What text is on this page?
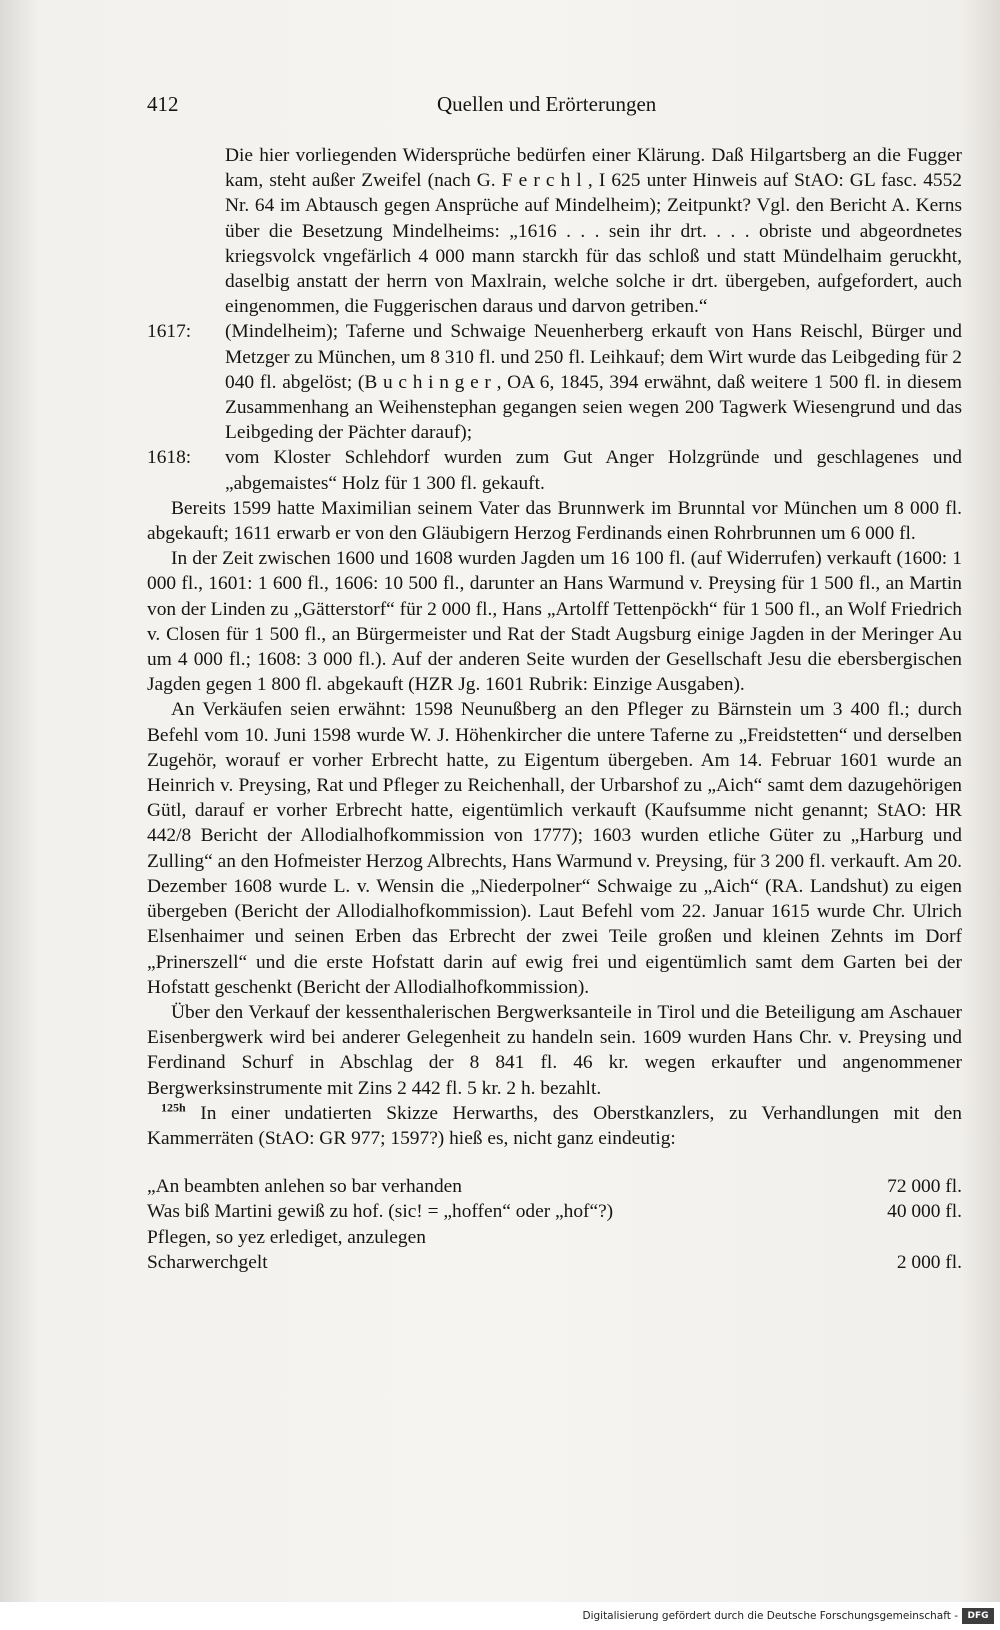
412	Quellen und Erörterungen

Die hier vorliegenden Widersprüche bedürfen einer Klärung. Daß Hilgartsberg an die Fugger kam, steht außer Zweifel (nach G. F e r c h l , I 625 unter Hinweis auf StAO: GL fasc. 4552 Nr. 64 im Abtausch gegen Ansprüche auf Mindelheim); Zeitpunkt? Vgl. den Bericht A. Kerns über die Besetzung Mindelheims: „1616 . . . sein ihr drt. . . . obriste und abgeordnetes kriegsvolck vngefärlich 4 000 mann starckh für das schloß und statt Mündelhaim geruckht, daselbig anstatt der herrn von Maxlrain, welche solche ir drt. übergeben, aufgefordert, auch eingenommen, die Fuggerischen daraus und darvon getriben.“

1617:	(Mindelheim); Taferne und Schwaige Neuenherberg erkauft von Hans Reischl, Bürger und Metzger zu München, um 8 310 fl. und 250 fl. Leihkauf; dem Wirt wurde das Leibgeding für 2 040 fl. abgelöst; (B u c h i n g e r , OA 6, 1845, 394 erwähnt, daß weitere 1 500 fl. in diesem Zusammenhang an Weihenstephan gegangen seien wegen 200 Tagwerk Wiesengrund und das Leibgeding der Pächter darauf);
1618:	vom Kloster Schlehdorf wurden zum Gut Anger Holzgründe und geschlagenes und „abgemaistes“ Holz für 1 300 fl. gekauft.

Bereits 1599 hatte Maximilian seinem Vater das Brunnwerk im Brunntal vor München um 8 000 fl. abgekauft; 1611 erwarb er von den Gläubigern Herzog Ferdinands einen Rohrbrunnen um 6 000 fl.

In der Zeit zwischen 1600 und 1608 wurden Jagden um 16 100 fl. (auf Widerrufen) verkauft (1600: 1 000 fl., 1601: 1 600 fl., 1606: 10 500 fl., darunter an Hans Warmund v. Preysing für 1 500 fl., an Martin von der Linden zu „Gätterstorf“ für 2 000 fl., Hans „Artolff Tettenpöckh“ für 1 500 fl., an Wolf Friedrich v. Closen für 1 500 fl., an Bürgermeister und Rat der Stadt Augsburg einige Jagden in der Meringer Au um 4 000 fl.; 1608: 3 000 fl.). Auf der anderen Seite wurden der Gesellschaft Jesu die ebersbergischen Jagden gegen 1 800 fl. abgekauft (HZR Jg. 1601 Rubrik: Einzige Ausgaben).

An Verkäufen seien erwähnt: 1598 Neunußberg an den Pfleger zu Bärnstein um 3 400 fl.; durch Befehl vom 10. Juni 1598 wurde W. J. Höhenkircher die untere Taferne zu „Freidstetten“ und derselben Zugehör, worauf er vorher Erbrecht hatte, zu Eigentum übergeben. Am 14. Februar 1601 wurde an Heinrich v. Preysing, Rat und Pfleger zu Reichenhall, der Urbarshof zu „Aich“ samt dem dazugehörigen Gütl, darauf er vorher Erbrecht hatte, eigentümlich verkauft (Kaufsumme nicht genannt; StAO: HR 442/8 Bericht der Allodialhofkommission von 1777); 1603 wurden etliche Güter zu „Harburg und Zulling“ an den Hofmeister Herzog Albrechts, Hans Warmund v. Preysing, für 3 200 fl. verkauft. Am 20. Dezember 1608 wurde L. v. Wensin die „Niederpolner“ Schwaige zu „Aich“ (RA. Landshut) zu eigen übergeben (Bericht der Allodialhofkommission). Laut Befehl vom 22. Januar 1615 wurde Chr. Ulrich Elsenhaimer und seinen Erben das Erbrecht der zwei Teile großen und kleinen Zehnts im Dorf „Prinerszell“ und die erste Hofstatt darin auf ewig frei und eigentümlich samt dem Garten bei der Hofstatt geschenkt (Bericht der Allodialhofkommission).

Über den Verkauf der kessenthalerischen Bergwerksanteile in Tirol und die Beteiligung am Aschauer Eisenbergwerk wird bei anderer Gelegenheit zu handeln sein. 1609 wurden Hans Chr. v. Preysing und Ferdinand Schurf in Abschlag der 8 841 fl. 46 kr. wegen erkaufter und angenommener Bergwerksinstrumente mit Zins 2 442 fl. 5 kr. 2 h. bezahlt.

$^{125h}$ In einer undatierten Skizze Herwarths, des Oberstkanzlers, zu Verhandlungen mit den Kammerräten (StAO: GR 977; 1597?) hieß es, nicht ganz eindeutig:

„An beambten anlehen so bar verhanden	72 000 fl.
Was biß Martini gewiß zu hof. (sic! = „hoffen“ oder „hof“?)	40 000 fl.
Pflegen, so yez erlediget, anzulegen
Scharwerchgelt	2 000 fl.
Digitalisierung gefördert durch die Deutsche Forschungsgemeinschaft -	DFG
